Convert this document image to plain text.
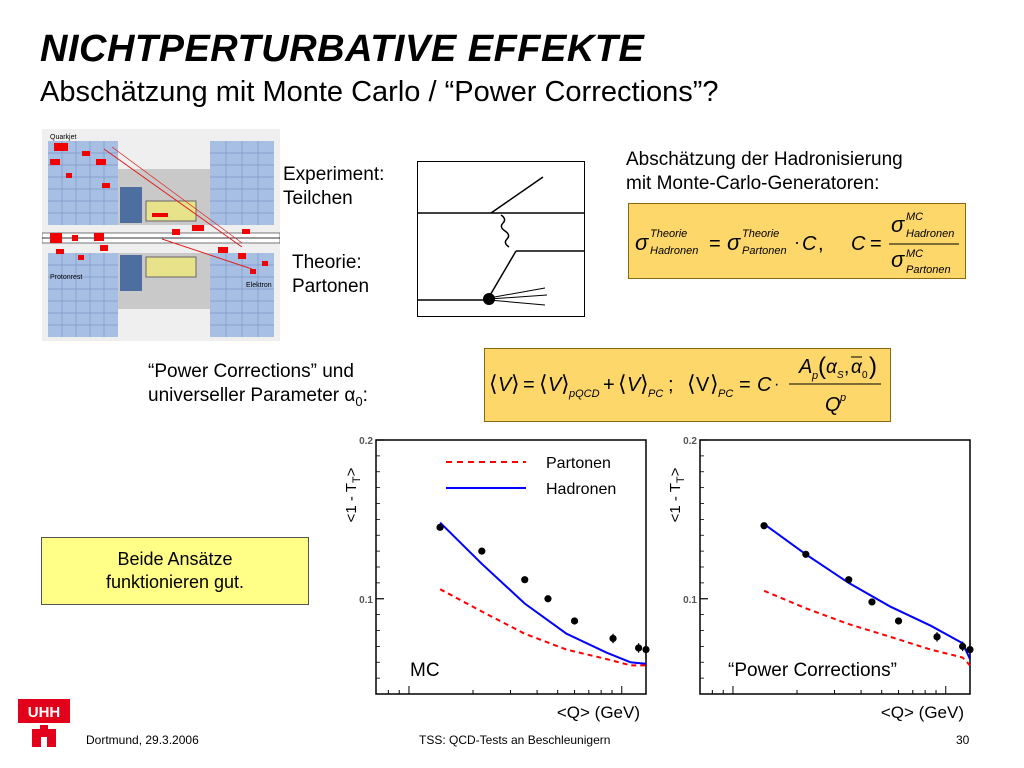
NICHTPERTURBATIVE EFFEKTE
Abschätzung mit Monte Carlo / “Power Corrections”?
Quarkjet
Protonrest
Elektron
Experiment:
Teilchen
Theorie:
Partonen
Abschätzung der Hadronisierung
mit Monte-Carlo-Generatoren:
σ Theorie
Hadronen = σ Theorie
Partonen · C , C =
σ MC
Hadronen
σ MC
Partonen
“Power Corrections” und
universeller Parameter $\alpha_0$:	⟨ V ⟩ = ⟨ V ⟩ pQCD + ⟨ V ⟩ PC ; ⟨ V ⟩ PC = C ·
A p ( α S , α 0 )
Q p
Beide Ansätze
funktionieren gut.
0.1
0.2
$<1 - T_T>$
<Q> (GeV)
MC
Partonen
Hadronen
0.1
0.2
$<1 - T_T>$
<Q> (GeV)
“Power Corrections”
UHH
Dortmund, 29.3.2006	TSS: QCD-Tests an Beschleunigern	30
